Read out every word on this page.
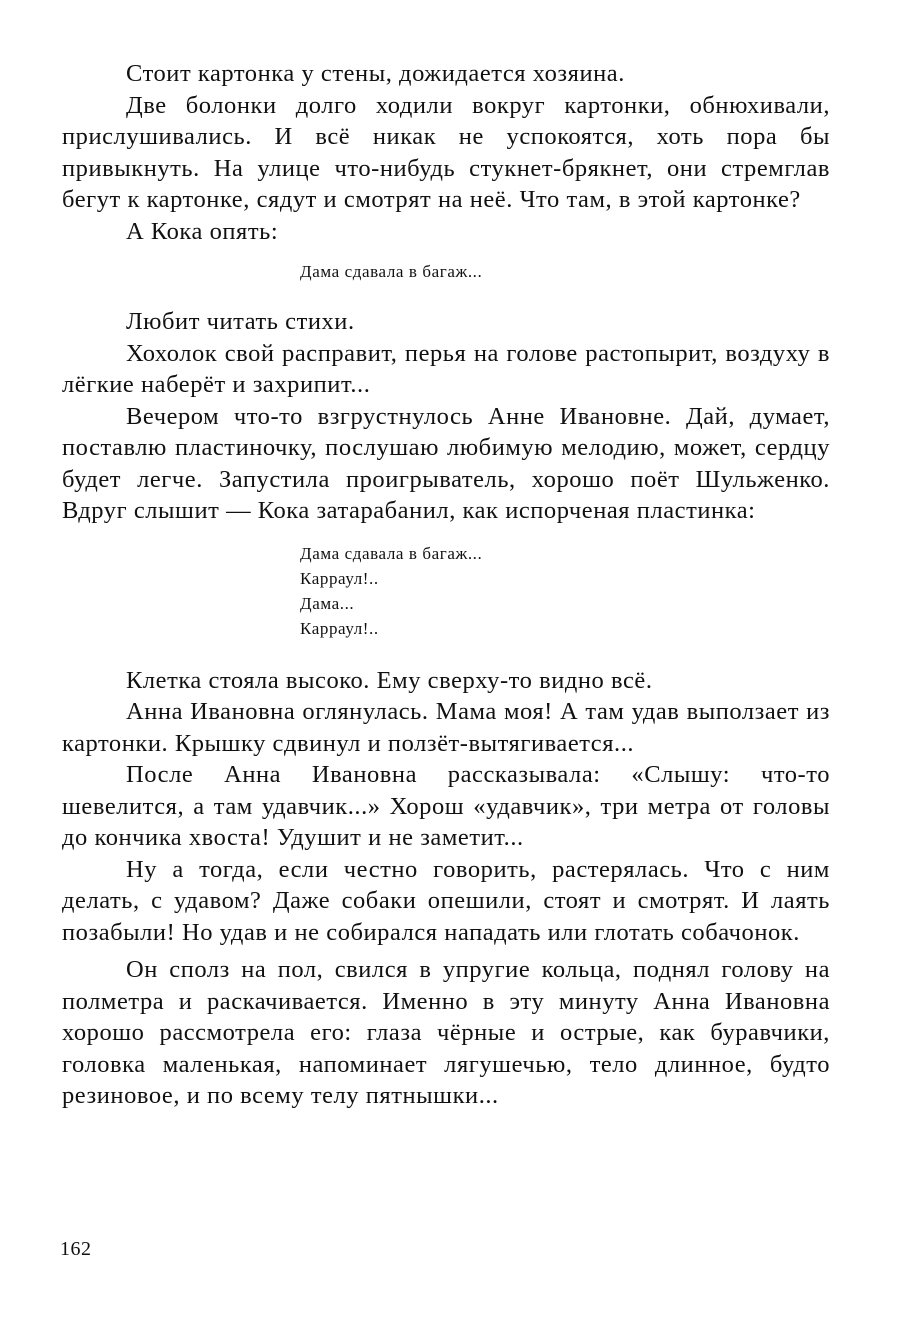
Стоит картонка у стены, дожидается хозяина.

Две болонки долго ходили вокруг картонки, обнюхивали, прислушивались. И всё никак не успокоятся, хоть пора бы привыкнуть. На улице что-нибудь стукнет-брякнет, они стремглав бегут к картонке, сядут и смотрят на неё. Что там, в этой картонке?

А Кока опять:

Дама сдавала в багаж...

Любит читать стихи.

Хохолок свой расправит, перья на голове растопырит, воздуху в лёгкие наберёт и захрипит...

Вечером что-то взгрустнулось Анне Ивановне. Дай, думает, поставлю пластиночку, послушаю любимую мелодию, может, сердцу будет легче. Запустила проигрыватель, хорошо поёт Шульженко. Вдруг слышит — Кока затарабанил, как испорченая пластинка:

Дама сдавала в багаж...
Карраул!..
Дама...
Карраул!..

Клетка стояла высоко. Ему сверху-то видно всё.

Анна Ивановна оглянулась. Мама моя! А там удав выползает из картонки. Крышку сдвинул и ползёт-вытягивается...

После Анна Ивановна рассказывала: «Слышу: что-то шевелится, а там удавчик...» Хорош «удавчик», три метра от головы до кончика хвоста! Удушит и не заметит...

Ну а тогда, если честно говорить, растерялась. Что с ним делать, с удавом? Даже собаки опешили, стоят и смотрят. И лаять позабыли! Но удав и не собирался нападать или глотать собачонок.

Он сполз на пол, свился в упругие кольца, поднял голову на полметра и раскачивается. Именно в эту минуту Анна Ивановна хорошо рассмотрела его: глаза чёрные и острые, как буравчики, головка маленькая, напоминает лягушечью, тело длинное, будто резиновое, и по всему телу пятнышки...

162
